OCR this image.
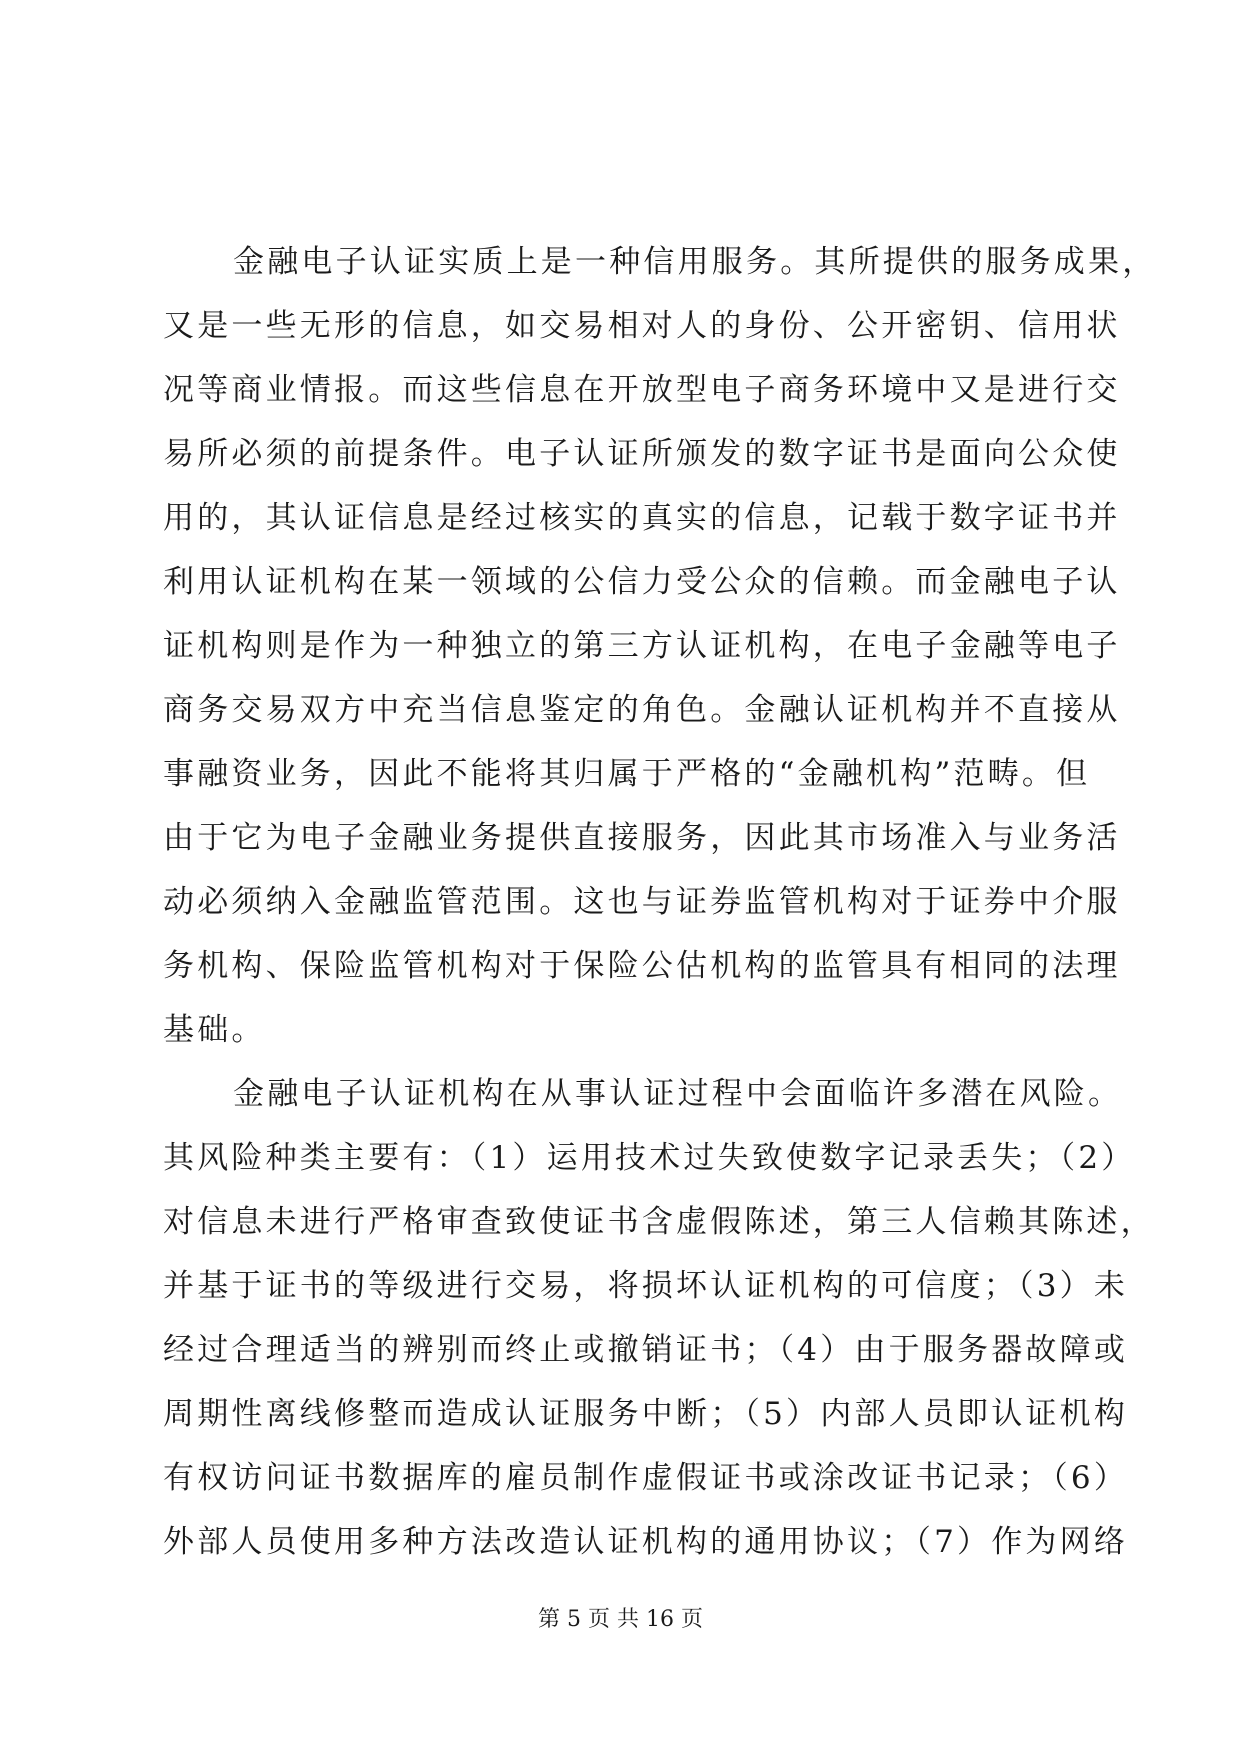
金融电子认证实质上是一种信用服务。其所提供的服务成果，
又是一些无形的信息，如交易相对人的身份、公开密钥、信用状
况等商业情报。而这些信息在开放型电子商务环境中又是进行交
易所必须的前提条件。电子认证所颁发的数字证书是面向公众使
用的，其认证信息是经过核实的真实的信息，记载于数字证书并
利用认证机构在某一领域的公信力受公众的信赖。而金融电子认
证机构则是作为一种独立的第三方认证机构，在电子金融等电子
商务交易双方中充当信息鉴定的角色。金融认证机构并不直接从
事融资业务，因此不能将其归属于严格的“金融机构”范畴。但
由于它为电子金融业务提供直接服务，因此其市场准入与业务活
动必须纳入金融监管范围。这也与证券监管机构对于证券中介服
务机构、保险监管机构对于保险公估机构的监管具有相同的法理
基础。
金融电子认证机构在从事认证过程中会面临许多潜在风险。
其风险种类主要有：（1）运用技术过失致使数字记录丢失；（2）
对信息未进行严格审查致使证书含虚假陈述，第三人信赖其陈述，
并基于证书的等级进行交易，将损坏认证机构的可信度；（3）未
经过合理适当的辨别而终止或撤销证书；（4）由于服务器故障或
周期性离线修整而造成认证服务中断；（5）内部人员即认证机构
有权访问证书数据库的雇员制作虚假证书或涂改证书记录；（6）
外部人员使用多种方法改造认证机构的通用协议；（7）作为网络
第 5 页 共 16 页
